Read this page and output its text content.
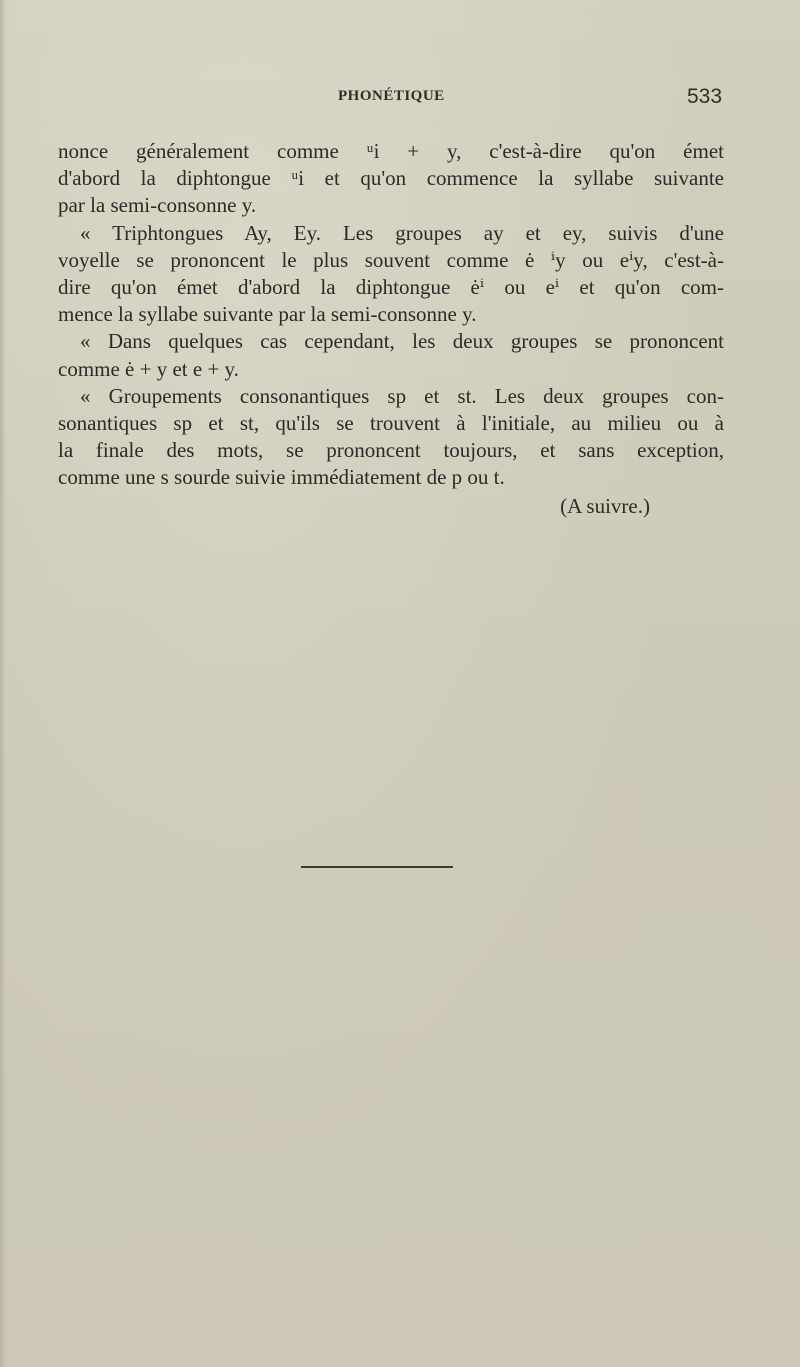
PHONÉTIQUE	533
nonce généralement comme ᵘi + y, c'est-à-dire qu'on émet
d'abord la diphtongue ᵘi et qu'on commence la syllabe suivante
par la semi-consonne y.
« Triphtongues Ay, Ey. Les groupes ay et ey, suivis d'une
voyelle se prononcent le plus souvent comme ė ⁱy ou eⁱy, c'est-à-
dire qu'on émet d'abord la diphtongue ėⁱ ou eⁱ et qu'on com-
mence la syllabe suivante par la semi-consonne y.
« Dans quelques cas cependant, les deux groupes se prononcent
comme ė + y et e + y.
« Groupements consonantiques sp et st. Les deux groupes con-
sonantiques sp et st, qu'ils se trouvent à l'initiale, au milieu ou à
la finale des mots, se prononcent toujours, et sans exception,
comme une s sourde suivie immédiatement de p ou t.
(A suivre.)
